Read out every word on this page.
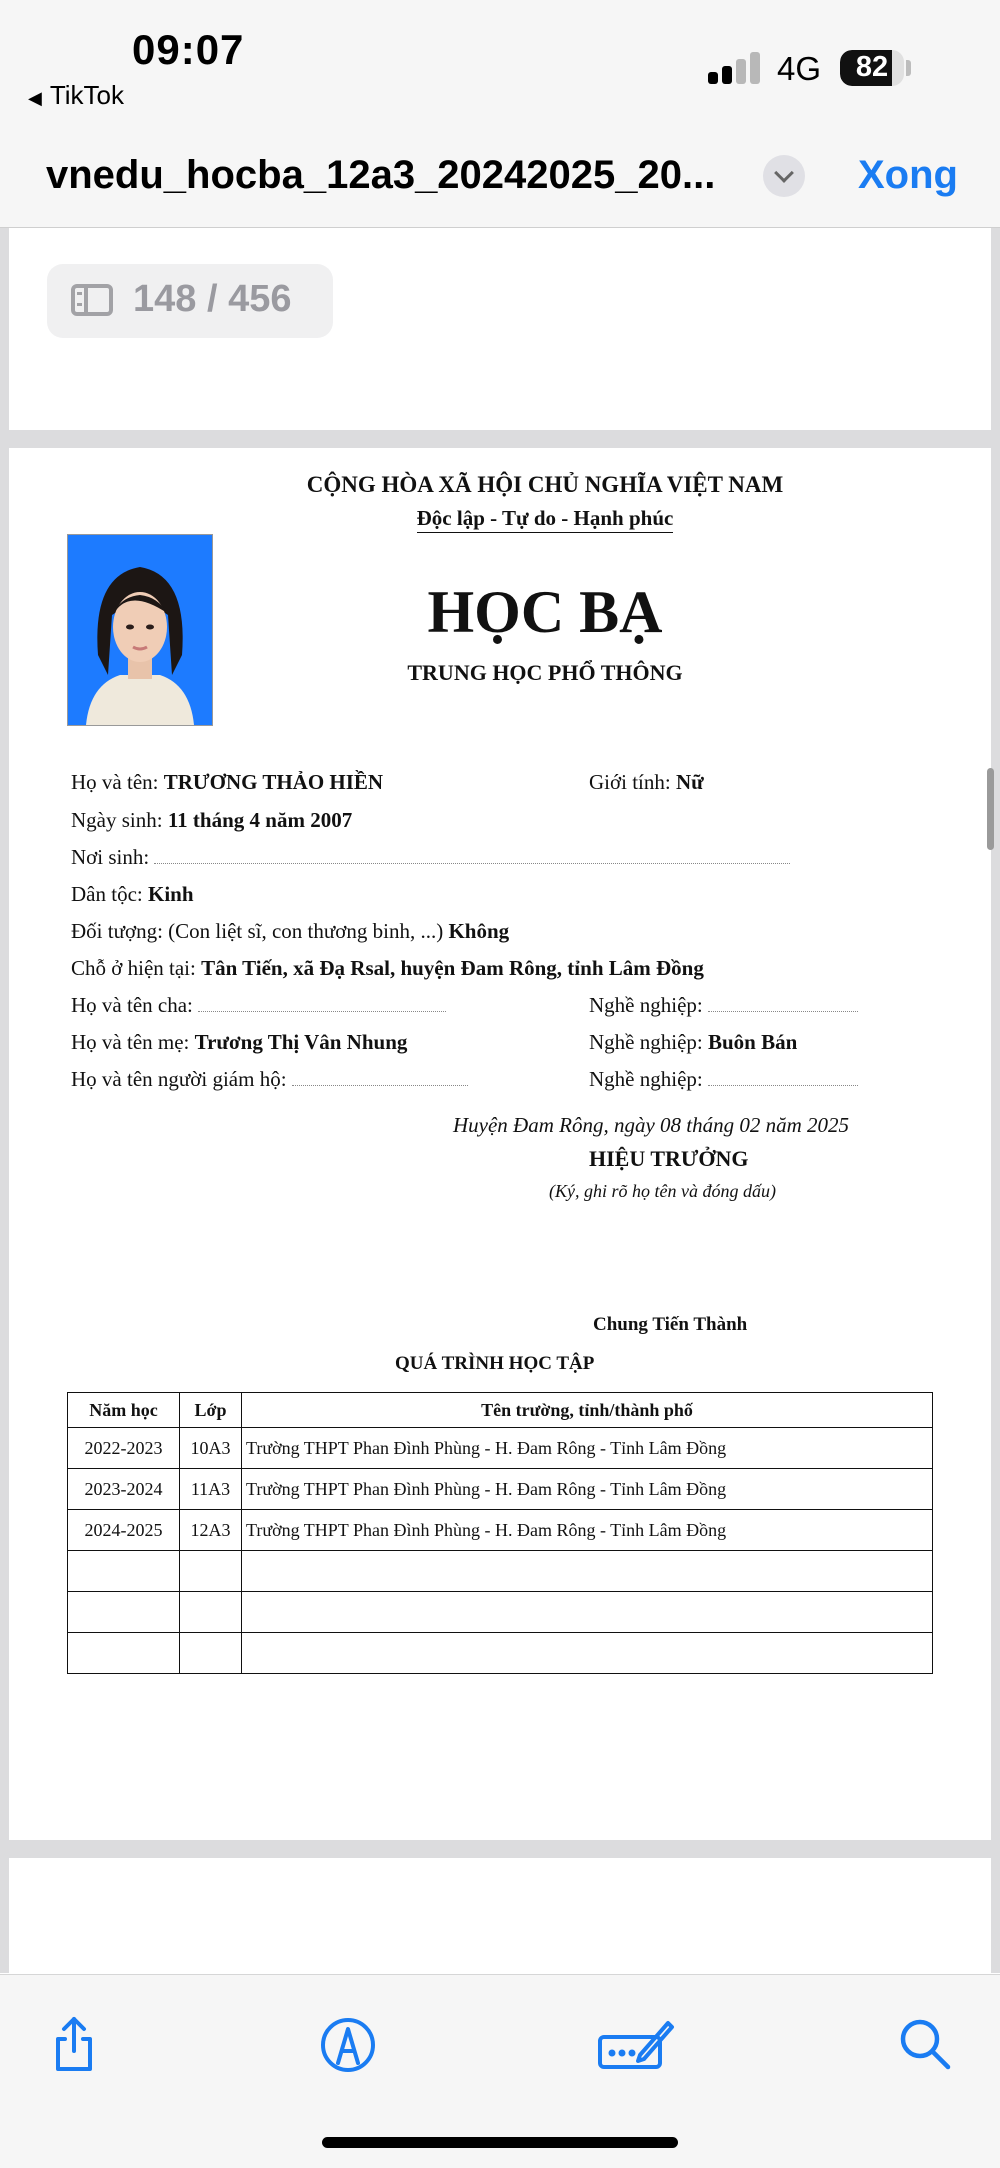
09:07
◀ TikTok
4G	82
vnedu_hocba_12a3_20242025_20...	Xong
148 / 456
CỘNG HÒA XÃ HỘI CHỦ NGHĨA VIỆT NAM
Độc lập - Tự do - Hạnh phúc
HỌC BẠ
TRUNG HỌC PHỔ THÔNG
Họ và tên: TRƯƠNG THẢO HIỀN	Giới tính: Nữ
Ngày sinh: 11 tháng 4 năm 2007
Nơi sinh:
Dân tộc: Kinh
Đối tượng: (Con liệt sĩ, con thương binh, ...) Không
Chỗ ở hiện tại: Tân Tiến, xã Đạ Rsal, huyện Đam Rông, tỉnh Lâm Đồng
Họ và tên cha:	Nghề nghiệp:
Họ và tên mẹ: Trương Thị Vân Nhung	Nghề nghiệp: Buôn Bán
Họ và tên người giám hộ:	Nghề nghiệp:
Huyện Đam Rông, ngày 08 tháng 02 năm 2025
HIỆU TRƯỞNG
(Ký, ghi rõ họ tên và đóng dấu)
Chung Tiến Thành
QUÁ TRÌNH HỌC TẬP
Năm học	Lớp	Tên trường, tỉnh/thành phố
2022-2023	10A3	Trường THPT Phan Đình Phùng - H. Đam Rông - Tỉnh Lâm Đồng
2023-2024	11A3	Trường THPT Phan Đình Phùng - H. Đam Rông - Tỉnh Lâm Đồng
2024-2025	12A3	Trường THPT Phan Đình Phùng - H. Đam Rông - Tỉnh Lâm Đồng
